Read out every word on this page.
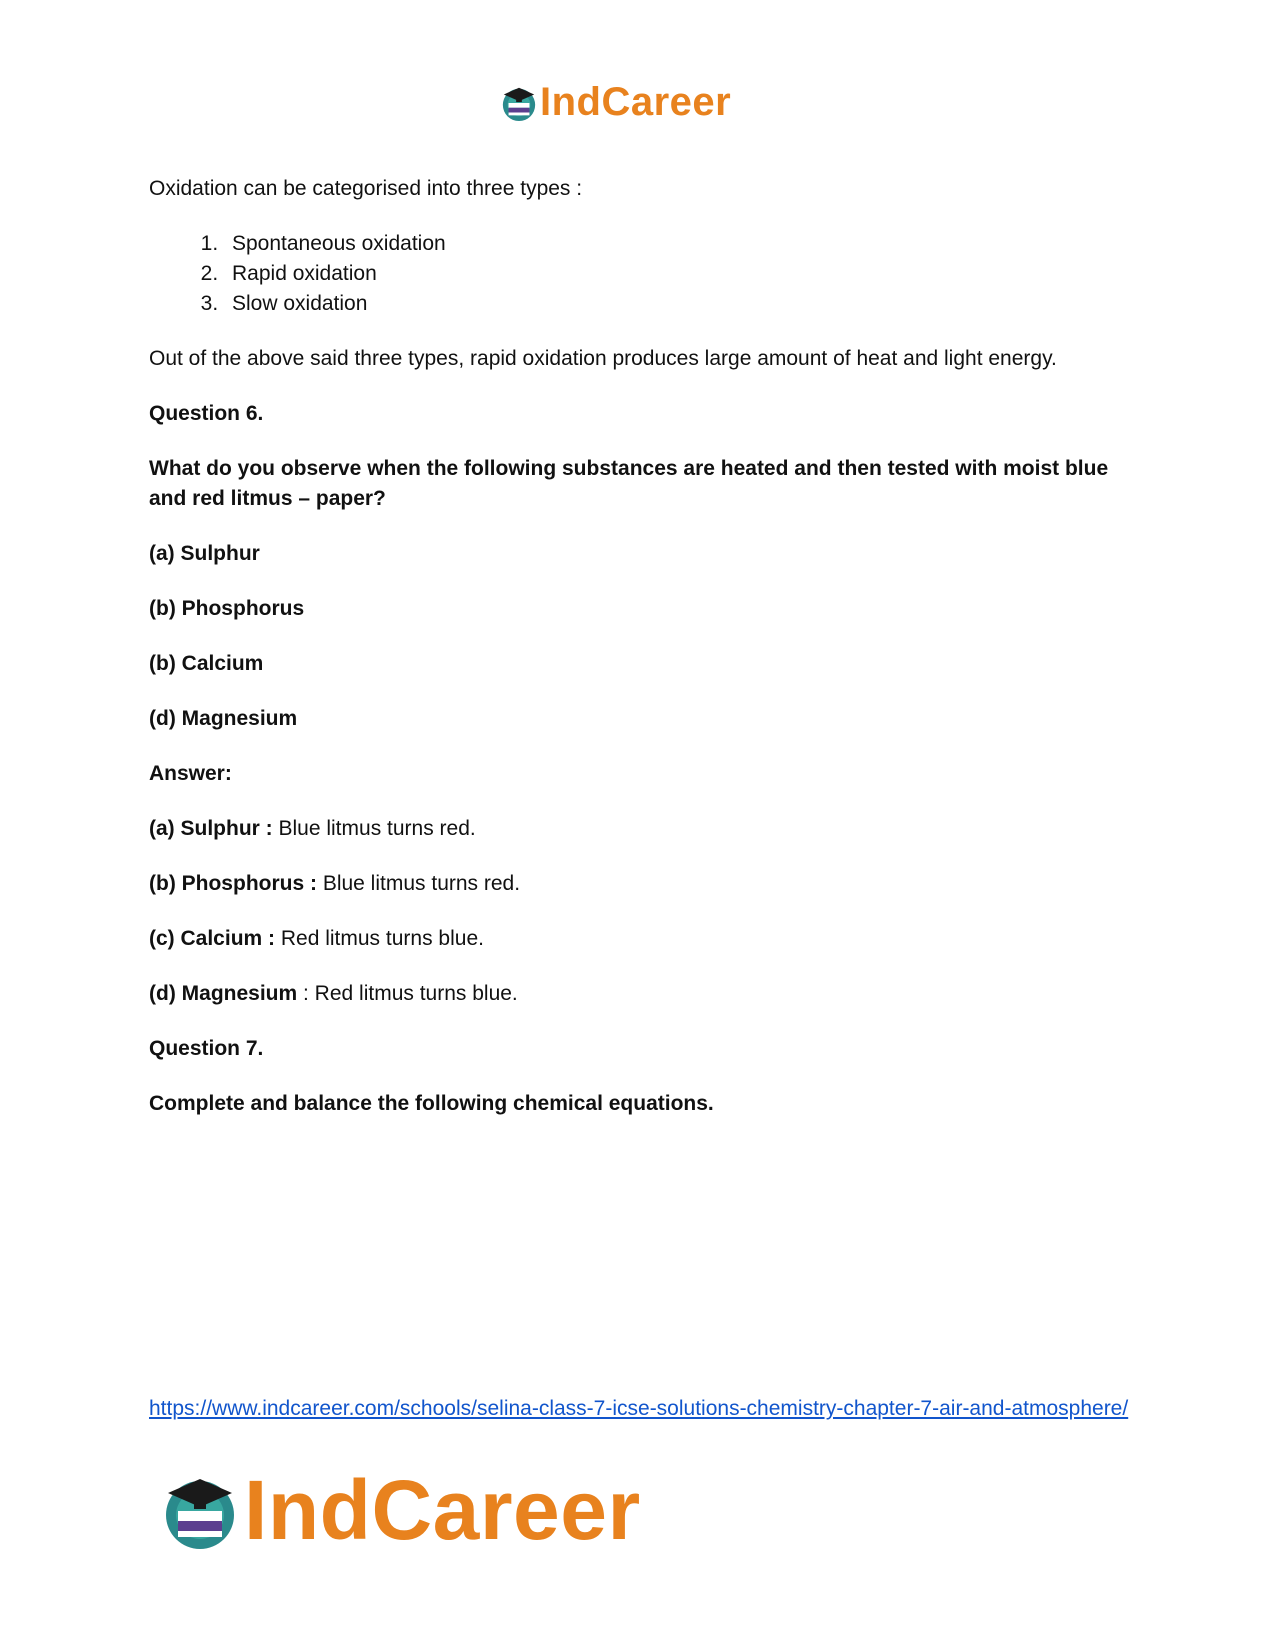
IndCareer

Oxidation can be categorised into three types :

1. Spontaneous oxidation
2. Rapid oxidation
3. Slow oxidation

Out of the above said three types, rapid oxidation produces large amount of heat and light energy.

Question 6.

What do you observe when the following substances are heated and then tested with moist blue and red litmus – paper?

(a) Sulphur

(b) Phosphorus

(b) Calcium

(d) Magnesium

Answer:

(a) Sulphur : Blue litmus turns red.

(b) Phosphorus : Blue litmus turns red.

(c) Calcium : Red litmus turns blue.

(d) Magnesium : Red litmus turns blue.

Question 7.

Complete and balance the following chemical equations.

https://www.indcareer.com/schools/selina-class-7-icse-solutions-chemistry-chapter-7-air-and-atmosphere/
IndCareer
